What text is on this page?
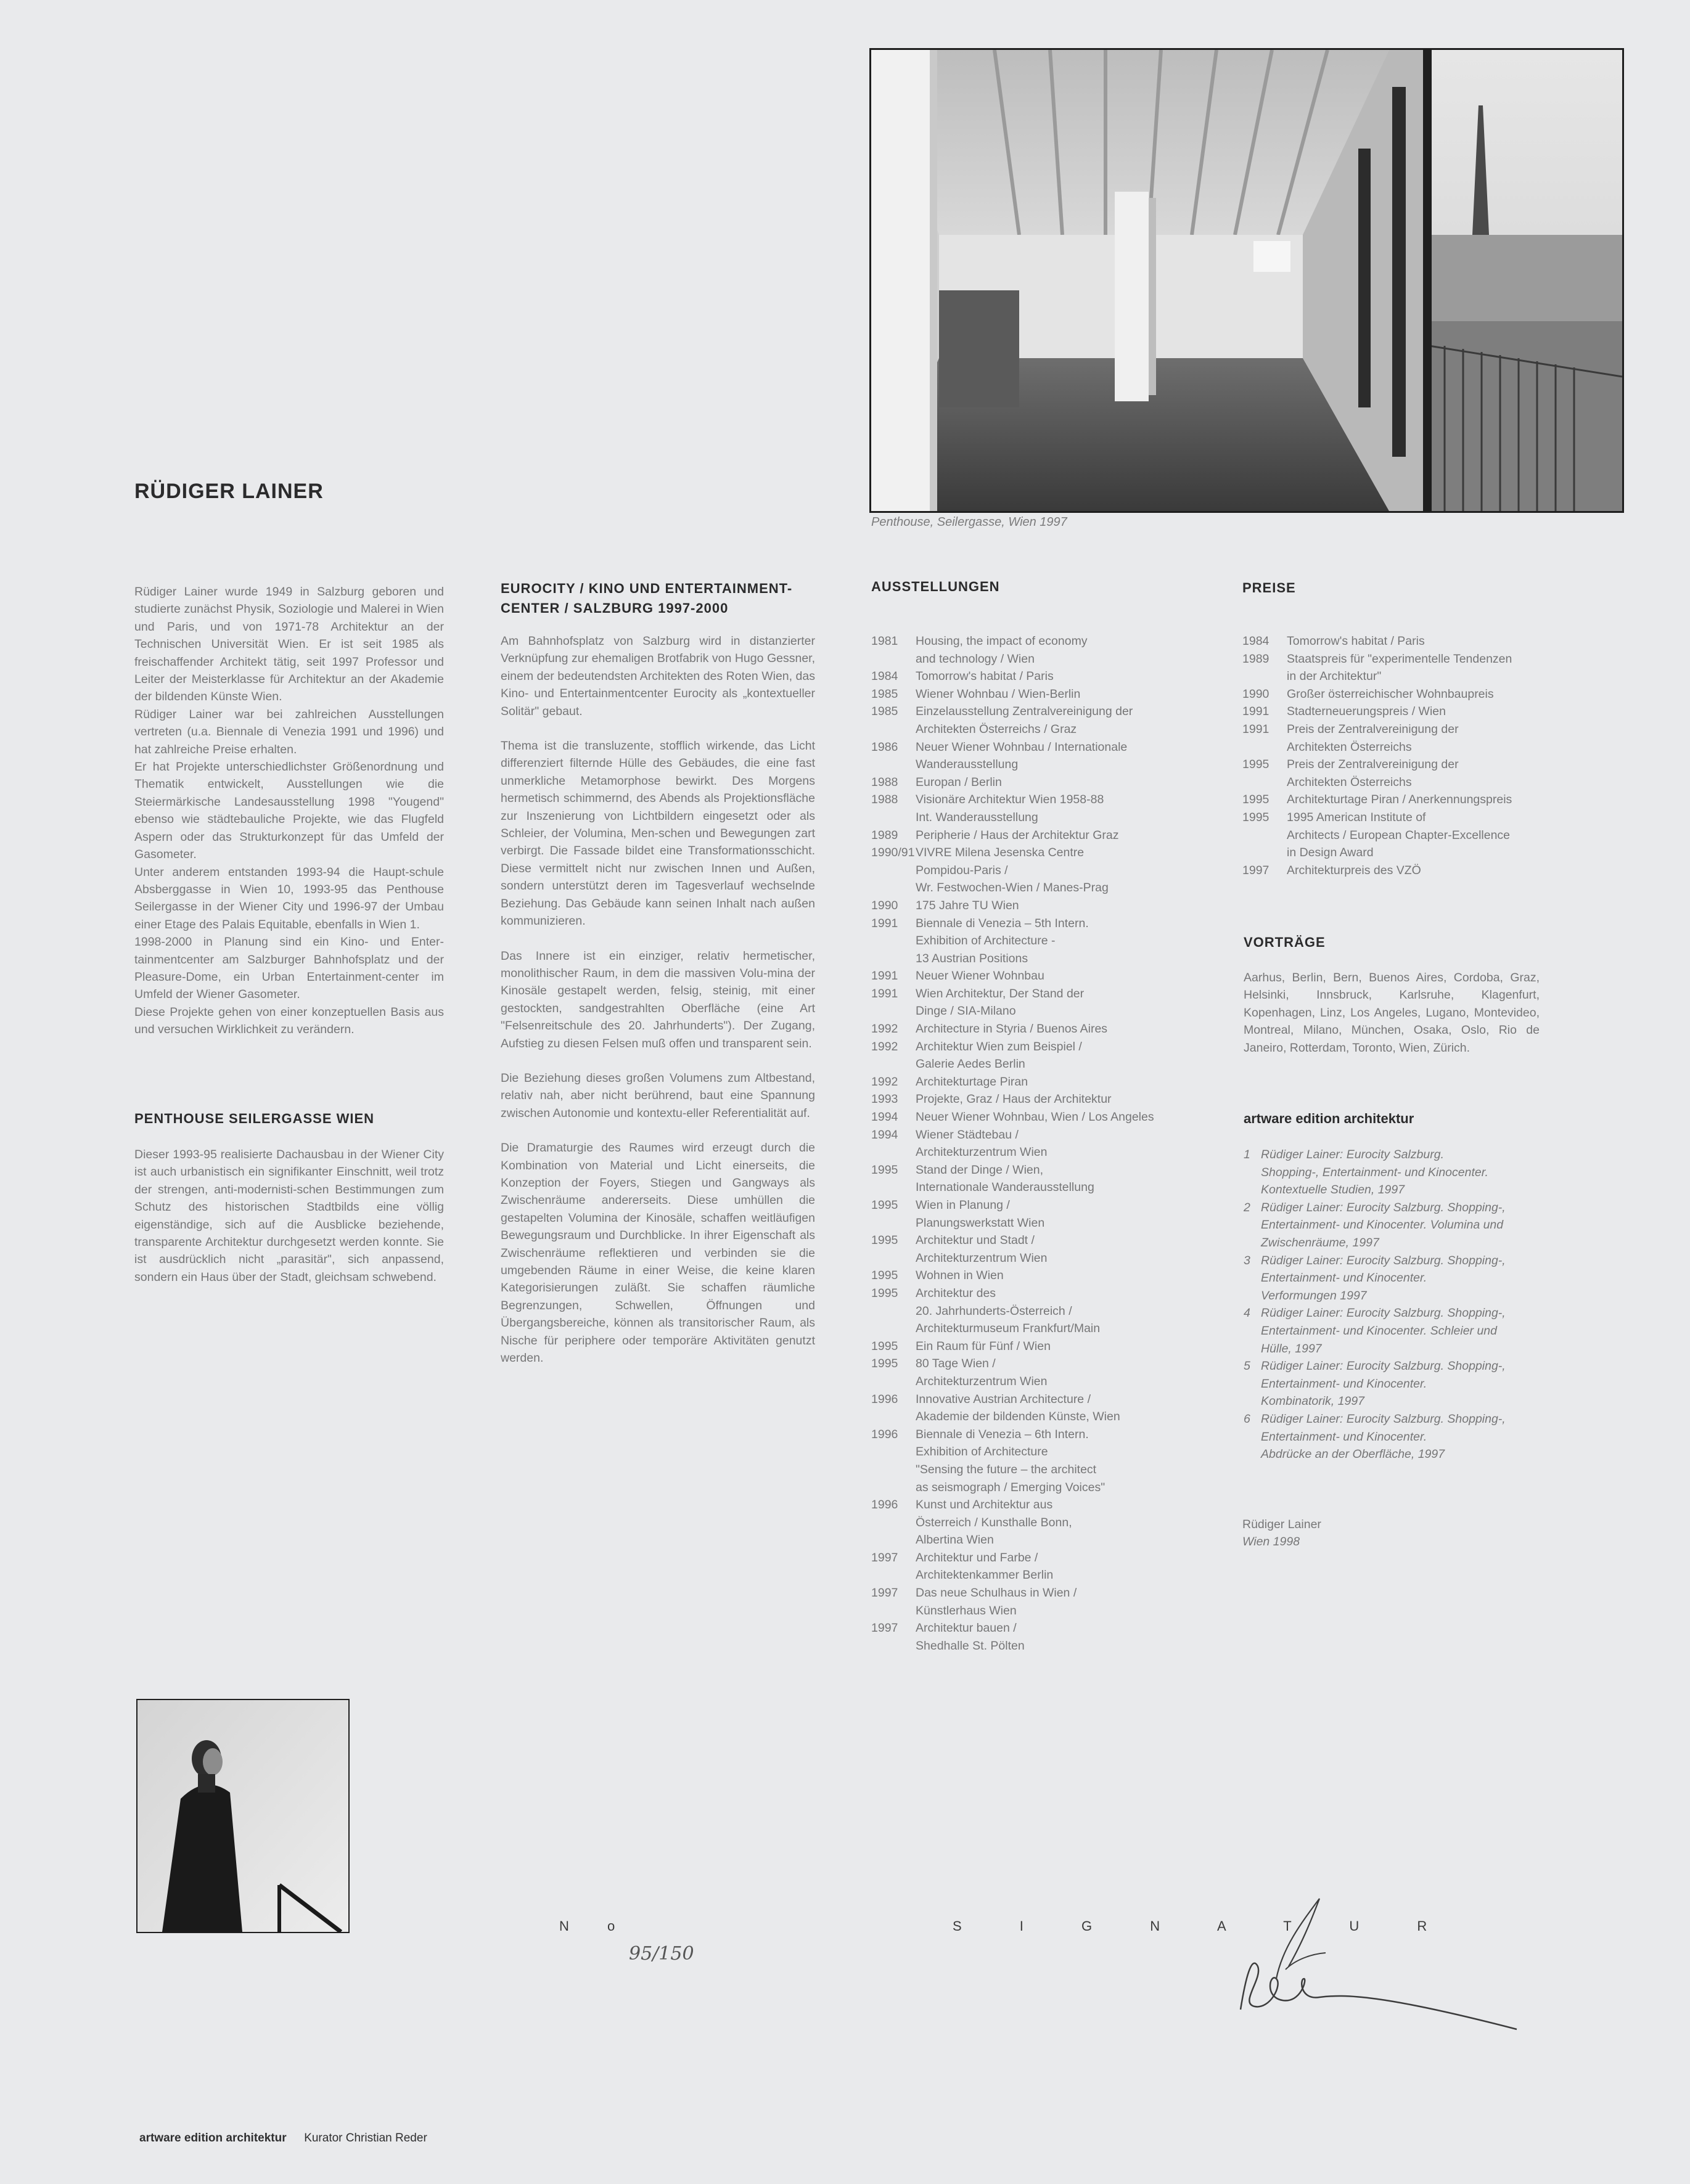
Penthouse, Seilergasse, Wien 1997
RÜDIGER LAINER

Rüdiger Lainer wurde 1949 in Salzburg geboren und studierte zunächst Physik, Soziologie und Malerei in Wien und Paris, und von 1971-78 Architektur an der Technischen Universität Wien. Er ist seit 1985 als freischaffender Architekt tätig, seit 1997 Professor und Leiter der Meisterklasse für Architektur an der Akademie der bildenden Künste Wien.

Rüdiger Lainer war bei zahlreichen Ausstellungen vertreten (u.a. Biennale di Venezia 1991 und 1996) und hat zahlreiche Preise erhalten.

Er hat Projekte unterschiedlichster Größenordnung und Thematik entwickelt, Ausstellungen wie die Steiermärkische Landesausstellung 1998 "Yougend" ebenso wie städtebauliche Projekte, wie das Flugfeld Aspern oder das Strukturkonzept für das Umfeld der Gasometer.

Unter anderem entstanden 1993-94 die Haupt-schule Absberggasse in Wien 10, 1993-95 das Penthouse Seilergasse in der Wiener City und 1996-97 der Umbau einer Etage des Palais Equitable, ebenfalls in Wien 1.

1998-2000 in Planung sind ein Kino- und Enter-tainmentcenter am Salzburger Bahnhofsplatz und der Pleasure-Dome, ein Urban Entertainment-center im Umfeld der Wiener Gasometer.

Diese Projekte gehen von einer konzeptuellen Basis aus und versuchen Wirklichkeit zu verändern.

PENTHOUSE SEILERGASSE WIEN
Dieser 1993-95 realisierte Dachausbau in der Wiener City ist auch urbanistisch ein signifikanter Einschnitt, weil trotz der strengen, anti-modernisti-schen Bestimmungen zum Schutz des historischen Stadtbilds eine völlig eigenständige, sich auf die Ausblicke beziehende, transparente Architektur durchgesetzt werden konnte. Sie ist ausdrücklich nicht „parasitär", sich anpassend, sondern ein Haus über der Stadt, gleichsam schwebend.
EUROCITY / KINO UND ENTERTAINMENT-CENTER / SALZBURG 1997-2000

Am Bahnhofsplatz von Salzburg wird in distanzierter Verknüpfung zur ehemaligen Brotfabrik von Hugo Gessner, einem der bedeutendsten Architekten des Roten Wien, das Kino- und Entertainmentcenter Eurocity als „kontextueller Solitär" gebaut.

Thema ist die transluzente, stofflich wirkende, das Licht differenziert filternde Hülle des Gebäudes, die eine fast unmerkliche Metamorphose bewirkt. Des Morgens hermetisch schimmernd, des Abends als Projektionsfläche zur Inszenierung von Lichtbildern eingesetzt oder als Schleier, der Volumina, Men-schen und Bewegungen zart verbirgt. Die Fassade bildet eine Transformationsschicht. Diese vermittelt nicht nur zwischen Innen und Außen, sondern unterstützt deren im Tagesverlauf wechselnde Beziehung. Das Gebäude kann seinen Inhalt nach außen kommunizieren.

Das Innere ist ein einziger, relativ hermetischer, monolithischer Raum, in dem die massiven Volu-mina der Kinosäle gestapelt werden, felsig, steinig, mit einer gestockten, sandgestrahlten Oberfläche (eine Art "Felsenreitschule des 20. Jahrhunderts"). Der Zugang, Aufstieg zu diesen Felsen muß offen und transparent sein.

Die Beziehung dieses großen Volumens zum Altbestand, relativ nah, aber nicht berührend, baut eine Spannung zwischen Autonomie und kontextu-eller Referentialität auf.

Die Dramaturgie des Raumes wird erzeugt durch die Kombination von Material und Licht einerseits, die Konzeption der Foyers, Stiegen und Gangways als Zwischenräume andererseits. Diese umhüllen die gestapelten Volumina der Kinosäle, schaffen weitläufigen Bewegungsraum und Durchblicke. In ihrer Eigenschaft als Zwischenräume reflektieren und verbinden sie die umgebenden Räume in einer Weise, die keine klaren Kategorisierungen zuläßt. Sie schaffen räumliche Begrenzungen, Schwellen, Öffnungen und Übergangsbereiche, können als transitorischer Raum, als Nische für periphere oder temporäre Aktivitäten genutzt werden.

AUSSTELLUNGEN
1981	Housing, the impact of economy
and technology / Wien
1984	Tomorrow's habitat / Paris
1985	Wiener Wohnbau / Wien-Berlin
1985	Einzelausstellung Zentralvereinigung der
Architekten Österreichs / Graz
1986	Neuer Wiener Wohnbau / Internationale
Wanderausstellung
1988	Europan / Berlin
1988	Visionäre Architektur Wien 1958-88
Int. Wanderausstellung
1989	Peripherie / Haus der Architektur Graz
1990/91 VIVRE Milena Jesenska Centre
Pompidou-Paris /
Wr. Festwochen-Wien / Manes-Prag
1990	175 Jahre TU Wien
1991	Biennale di Venezia – 5th Intern.
Exhibition of Architecture -
13 Austrian Positions
1991	Neuer Wiener Wohnbau
1991	Wien Architektur, Der Stand der
Dinge / SIA-Milano
1992	Architecture in Styria / Buenos Aires
1992	Architektur Wien zum Beispiel /
Galerie Aedes Berlin
1992	Architekturtage Piran
1993	Projekte, Graz / Haus der Architektur
1994	Neuer Wiener Wohnbau, Wien / Los Angeles
1994	Wiener Städtebau /
Architekturzentrum Wien
1995	Stand der Dinge / Wien,
Internationale Wanderausstellung
1995	Wien in Planung /
Planungswerkstatt Wien
1995	Architektur und Stadt /
Architekturzentrum Wien
1995	Wohnen in Wien
1995	Architektur des
20. Jahrhunderts-Österreich /
Architekturmuseum Frankfurt/Main
1995	Ein Raum für Fünf / Wien
1995	80 Tage Wien /
Architekturzentrum Wien
1996	Innovative Austrian Architecture /
Akademie der bildenden Künste, Wien
1996	Biennale di Venezia – 6th Intern.
Exhibition of Architecture
"Sensing the future – the architect
as seismograph / Emerging Voices"
1996	Kunst und Architektur aus
Österreich / Kunsthalle Bonn,
Albertina Wien
1997	Architektur und Farbe /
Architektenkammer Berlin
1997	Das neue Schulhaus in Wien /
Künstlerhaus Wien
1997	Architektur bauen /
Shedhalle St. Pölten
PREISE
1984	Tomorrow's habitat / Paris
1989	Staatspreis für "experimentelle Tendenzen
in der Architektur"
1990	Großer österreichischer Wohnbaupreis
1991	Stadterneuerungspreis / Wien
1991	Preis der Zentralvereinigung der
Architekten Österreichs
1995	Preis der Zentralvereinigung der
Architekten Österreichs
1995	Architekturtage Piran / Anerkennungspreis
1995	1995 American Institute of
Architects / European Chapter-Excellence
in Design Award
1997	Architekturpreis des VZÖ
VORTRÄGE
Aarhus, Berlin, Bern, Buenos Aires, Cordoba, Graz, Helsinki, Innsbruck, Karlsruhe, Klagenfurt, Kopenhagen, Linz, Los Angeles, Lugano, Montevideo, Montreal, Milano, München, Osaka, Oslo, Rio de Janeiro, Rotterdam, Toronto, Wien, Zürich.
artware edition architektur
1 Rüdiger Lainer: Eurocity Salzburg.
Shopping-, Entertainment- und Kinocenter.
Kontextuelle Studien, 1997
2 Rüdiger Lainer: Eurocity Salzburg. Shopping-,
Entertainment- und Kinocenter. Volumina und
Zwischenräume, 1997
3 Rüdiger Lainer: Eurocity Salzburg. Shopping-,
Entertainment- und Kinocenter.
Verformungen 1997
4 Rüdiger Lainer: Eurocity Salzburg. Shopping-,
Entertainment- und Kinocenter. Schleier und
Hülle, 1997
5 Rüdiger Lainer: Eurocity Salzburg. Shopping-,
Entertainment- und Kinocenter.
Kombinatorik, 1997
6 Rüdiger Lainer: Eurocity Salzburg. Shopping-,
Entertainment- und Kinocenter.
Abdrücke an der Oberfläche, 1997
Rüdiger Lainer
Wien 1998
N o
95/150
S I G N A T U R
artware edition architektur Kurator Christian Reder
